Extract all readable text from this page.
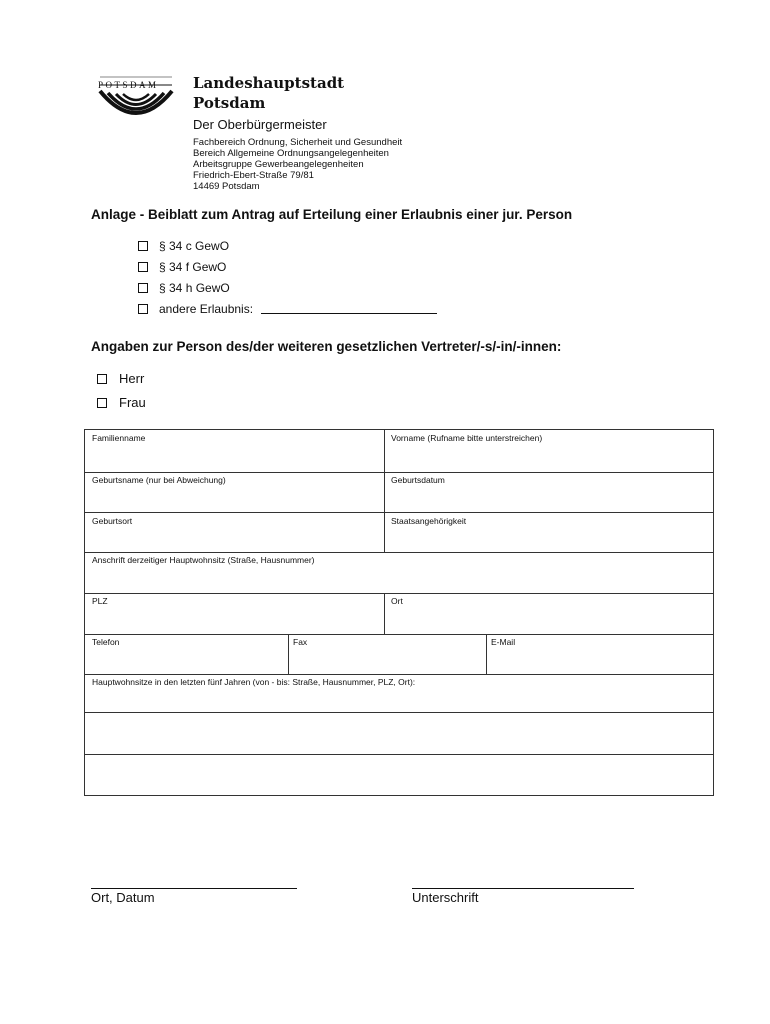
POTSDAM Landeshauptstadt
Potsdam
Der Oberbürgermeister
Fachbereich Ordnung, Sicherheit und Gesundheit
Bereich Allgemeine Ordnungsangelegenheiten
Arbeitsgruppe Gewerbeangelegenheiten
Friedrich-Ebert-Straße 79/81
14469 Potsdam
Anlage - Beiblatt zum Antrag auf Erteilung einer Erlaubnis einer jur. Person
§ 34 c GewO
§ 34 f GewO
§ 34 h GewO
andere Erlaubnis:
Angaben zur Person des/der weiteren gesetzlichen Vertreter/-s/-in/-innen:
Herr
Frau
Familienname	Vorname (Rufname bitte unterstreichen)
Geburtsname (nur bei Abweichung)	Geburtsdatum
Geburtsort	Staatsangehörigkeit
Anschrift derzeitiger Hauptwohnsitz (Straße, Hausnummer)
PLZ	Ort
Telefon	Fax	E-Mail
Hauptwohnsitze in den letzten fünf Jahren (von - bis: Straße, Hausnummer, PLZ, Ort):
Ort, Datum	Unterschrift
